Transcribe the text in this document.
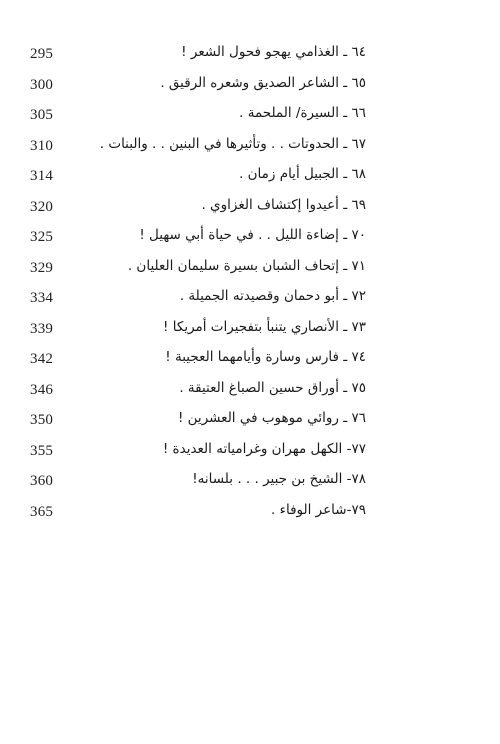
295	٦٤ ـ الغذامي يهجو فحول الشعر !
300	٦٥ ـ الشاعر الصديق وشعره الرقيق .
305	٦٦ ـ السيرة/ الملحمة .
310	٦٧ ـ الحدوتات . . وتأثيرها في البنين . . والبنات .
314	٦٨ ـ الجبيل أيام زمان .
320	٦٩ ـ أعيدوا إكتشاف الغزاوي .
325	٧٠ ـ إضاءة الليل . . في حياة أبي سهيل !
329	٧١ ـ إتحاف الشبان بسيرة سليمان العليان .
334	٧٢ ـ أبو دحمان وقصيدته الجميلة .
339	٧٣ ـ الأنصاري يتنبأ بتفجيرات أمريكا !
342	٧٤ ـ فارس وسارة وأيامهما العجيبة !
346	٧٥ ـ أوراق حسين الصباغ العتيقة .
350	٧٦ ـ روائي موهوب في العشرين !
355	٧٧- الكهل مهران وغرامياته العديدة !
360	٧٨- الشيخ بن جبير . . . بلسانه!
365	٧٩-شاعر الوفاء .
